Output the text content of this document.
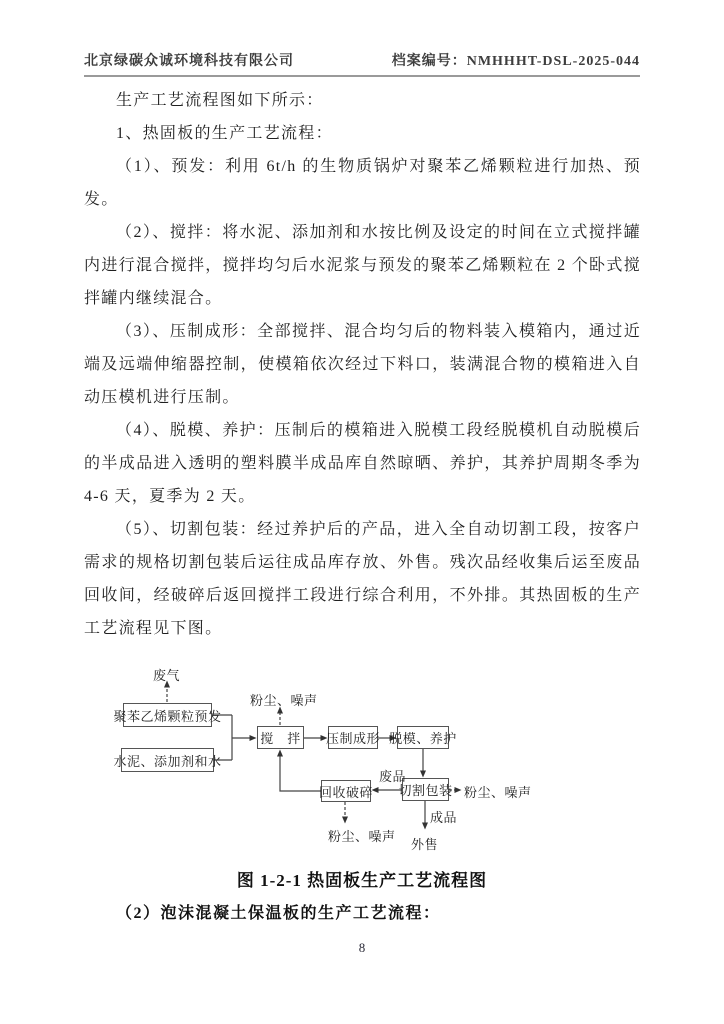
北京绿碳众诚环境科技有限公司	档案编号：NMHHHT-DSL-2025-044

生产工艺流程图如下所示：

1、热固板的生产工艺流程：

（1）、预发：利用 6t/h 的生物质锅炉对聚苯乙烯颗粒进行加热、预发。

（2）、搅拌：将水泥、添加剂和水按比例及设定的时间在立式搅拌罐内进行混合搅拌，搅拌均匀后水泥浆与预发的聚苯乙烯颗粒在 2 个卧式搅拌罐内继续混合。

（3）、压制成形：全部搅拌、混合均匀后的物料装入模箱内，通过近端及远端伸缩器控制，使模箱依次经过下料口，装满混合物的模箱进入自动压模机进行压制。

（4）、脱模、养护：压制后的模箱进入脱模工段经脱模机自动脱模后的半成品进入透明的塑料膜半成品库自然晾晒、养护，其养护周期冬季为 4-6 天，夏季为 2 天。

（5）、切割包装：经过养护后的产品，进入全自动切割工段，按客户需求的规格切割包装后运往成品库存放、外售。残次品经收集后运至废品回收间，经破碎后返回搅拌工段进行综合利用，不外排。其热固板的生产工艺流程见下图。

聚苯乙烯颗粒预发
水泥、添加剂和水
搅　拌 压制成形 脱模、养护
切割包装
回收破碎
废气
粉尘、噪声
废品
粉尘、噪声
成品
外售
粉尘、噪声
图 1-2-1 热固板生产工艺流程图
（2）泡沫混凝土保温板的生产工艺流程：
8
